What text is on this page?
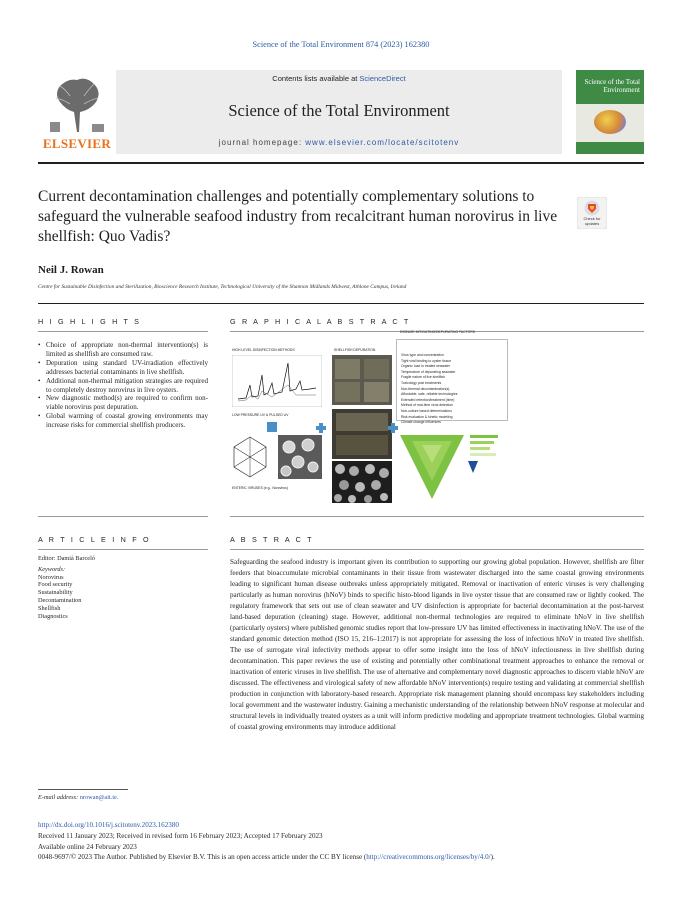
Science of the Total Environment 874 (2023) 162380
ELSEVIER
Contents lists available at ScienceDirect
Science of the Total Environment
journal homepage: www.elsevier.com/locate/scitotenv
Science of the Total Environment
Current decontamination challenges and potentially complementary solutions to safeguard the vulnerable seafood industry from recalcitrant human norovirus in live shellfish: Quo Vadis?
Check for updates
Neil J. Rowan
Centre for Sustainable Disinfection and Sterilization, Bioscience Research Institute, Technological University of the Shannon Midlands Midwest, Athlone Campus, Ireland
H I G H L I G H T S
• Choice of appropriate non-thermal intervention(s) is limited as shellfish are consumed raw.
• Depuration using standard UV-irradiation effectively addresses bacterial contaminants in live shellfish.
• Additional non-thermal mitigation strategies are required to completely destroy norovirus in live oysters.
• New diagnostic method(s) are required to confirm non-viable norovirus post depuration.
• Global warming of coastal growing environments may increase risks for commercial shellfish producers.
G R A P H I C A L A B S T R A C T
HIGH LEVEL DISINFECTION METHODS
LOW PRESSURE UV & PULSED UV
ENTERIC VIRUSES (e.g., Norovirus)
SHELLFISH DEPURATION
DISEASE MITIGATING/DEPURATING FACTORS
Virus type and concentration
Tight viral binding to oyster tissue
Organic load in treated seawater
Temperature of depurating seawater
Fragile nature of live shellfish
Toxicology post treatments
Non-thermal decontamination(s)
Affordable, safe, reliable technologies
Extended retention/treatment (time)
Method of real-time virus detection
Non-culture based determinations
Risk evaluation & kinetic modeling
Climate change influences
A R T I C L E I N F O
Editor: Damià Barceló
Keywords:
Norovirus
Food security
Sustainability
Decontamination
Shellfish
Diagnostics
A B S T R A C T
Safeguarding the seafood industry is important given its contribution to supporting our growing global population. However, shellfish are filter feeders that bioaccumulate microbial contaminants in their tissue from wastewater discharged into the same coastal growing environments leading to significant human disease outbreaks unless appropriately mitigated. Removal or inactivation of enteric viruses is very challenging particularly as human norovirus (hNoV) binds to specific histo-blood ligands in live oyster tissue that are consumed raw or lightly cooked. The regulatory framework that sets out use of clean seawater and UV disinfection is appropriate for bacterial decontamination at the post-harvest land-based depuration (cleaning) stage. However, additional non-thermal technologies are required to eliminate hNoV in live shellfish (particularly oysters) where published genomic studies report that low-pressure UV has limited effectiveness in inactivating hNoV. The use of the standard genomic detection method (ISO 15, 216–1:2017) is not appropriate for assessing the loss of infectious hNoV in treated live shellfish. The use of surrogate viral infectivity methods appear to offer some insight into the loss of hNoV infectiousness in live shellfish during decontamination. This paper reviews the use of existing and potentially other combinational treatment approaches to enhance the removal or inactivation of enteric viruses in live shellfish. The use of alternative and complementary novel diagnostic approaches to discern viable hNoV are discussed. The effectiveness and virological safety of new affordable hNoV intervention(s) require testing and validating at commercial shellfish production in conjunction with laboratory-based research. Appropriate risk management planning should encompass key stakeholders including local government and the wastewater industry. Gaining a mechanistic understanding of the relationship between hNoV response at molecular and structural levels in individually treated oysters as a unit will inform predictive modeling and appropriate treatment technologies. Global warming of coastal growing environments may introduce additional
E-mail address: nrowan@ait.ie.
http://dx.doi.org/10.1016/j.scitotenv.2023.162380
Received 11 January 2023; Received in revised form 16 February 2023; Accepted 17 February 2023
Available online 24 February 2023
0048-9697/© 2023 The Author. Published by Elsevier B.V. This is an open access article under the CC BY license (http://creativecommons.org/licenses/by/4.0/).
